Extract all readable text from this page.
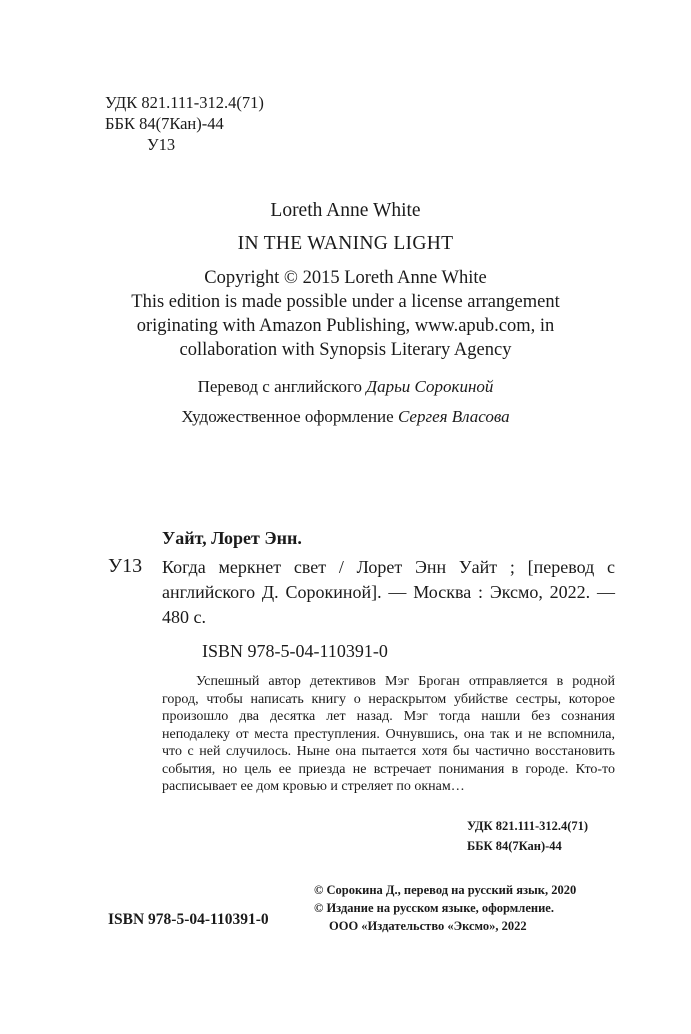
УДК 821.111-312.4(71)
ББК 84(7Кан)-44
У13
Loreth Anne White
IN THE WANING LIGHT
Copyright © 2015 Loreth Anne White
This edition is made possible under a license arrangement
originating with Amazon Publishing, www.apub.com, in
collaboration with Synopsis Literary Agency
Перевод с английского Дарьи Сорокиной
Художественное оформление Сергея Власова
Уайт, Лорет Энн.
У13 Когда меркнет свет / Лорет Энн Уайт ; [перевод с английского Д. Сорокиной]. — Москва : Эксмо, 2022. — 480 с.
ISBN 978-5-04-110391-0
Успешный автор детективов Мэг Броган отправляется в родной город, чтобы написать книгу о нераскрытом убийстве сестры, которое произошло два десятка лет назад. Мэг тогда нашли без сознания неподалеку от места преступления. Очнувшись, она так и не вспомнила, что с ней случилось. Ныне она пытается хотя бы частично восстановить события, но цель ее приезда не встречает понимания в городе. Кто-то расписывает ее дом кровью и стреляет по окнам…
УДК 821.111-312.4(71)
ББК 84(7Кан)-44
© Сорокина Д., перевод на русский язык, 2020
© Издание на русском языке, оформление.
ООО «Издательство «Эксмо», 2022
ISBN 978-5-04-110391-0
